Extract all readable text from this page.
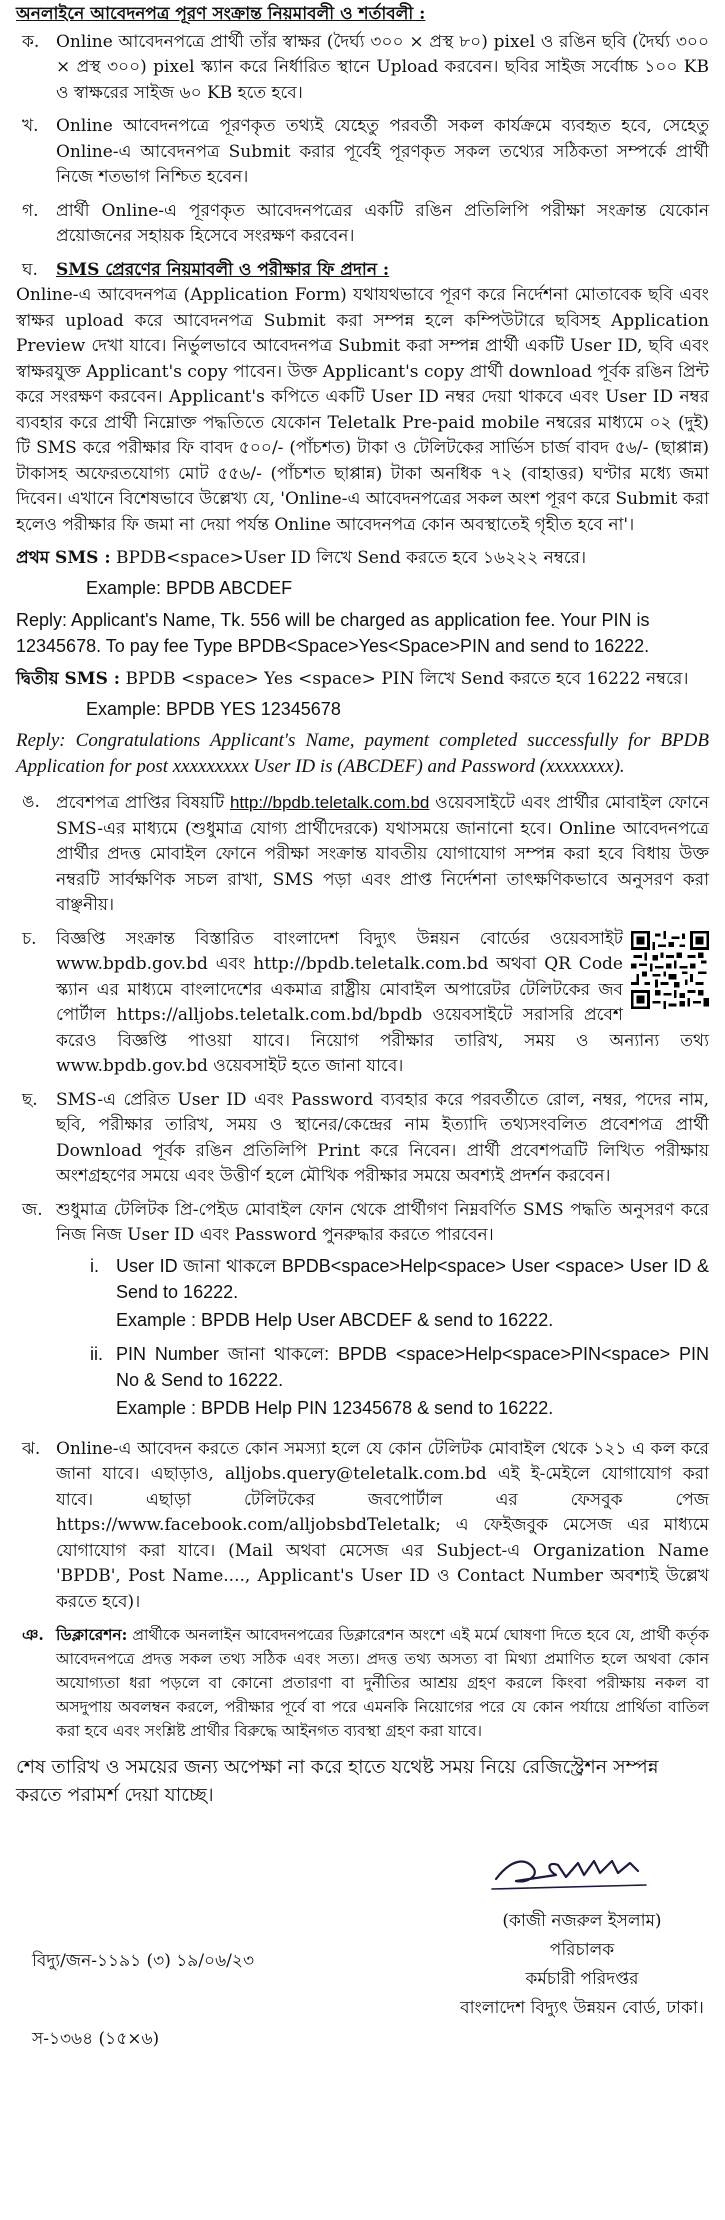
অনলাইনে আবেদনপত্র পূরণ সংক্রান্ত নিয়মাবলী ও শর্তাবলী :
ক. Online আবেদনপত্রে প্রার্থী তাঁর স্বাক্ষর (দৈর্ঘ্য ৩০০ × প্রস্থ ৮০) pixel ও রঙিন ছবি (দৈর্ঘ্য ৩০০ × প্রস্থ ৩০০) pixel স্ক্যান করে নির্ধারিত স্থানে Upload করবেন। ছবির সাইজ সর্বোচ্চ ১০০ KB ও স্বাক্ষরের সাইজ ৬০ KB হতে হবে।
খ.	Online আবেদনপত্রে পূরণকৃত তথ্যই যেহেতু পরবর্তী সকল কার্যক্রমে ব্যবহৃত হবে, সেহেতু Online-এ আবেদনপত্র Submit করার পূর্বেই পূরণকৃত সকল তথ্যের সঠিকতা সম্পর্কে প্রার্থী নিজে শতভাগ নিশ্চিত হবেন।
গ.	প্রার্থী Online-এ পূরণকৃত আবেদনপত্রের একটি রঙিন প্রতিলিপি পরীক্ষা সংক্রান্ত যেকোন প্রয়োজনের সহায়ক হিসেবে সংরক্ষণ করবেন।
ঘ.	SMS প্রেরণের নিয়মাবলী ও পরীক্ষার ফি প্রদান :
Online-এ আবেদনপত্র (Application Form) যথাযথভাবে পূরণ করে নির্দেশনা মোতাবেক ছবি এবং স্বাক্ষর upload করে আবেদনপত্র Submit করা সম্পন্ন হলে কম্পিউটারে ছবিসহ Application Preview দেখা যাবে। নির্ভুলভাবে আবেদনপত্র Submit করা সম্পন্ন প্রার্থী একটি User ID, ছবি এবং স্বাক্ষরযুক্ত Applicant's copy পাবেন। উক্ত Applicant's copy প্রার্থী download পূর্বক রঙিন প্রিন্ট করে সংরক্ষণ করবেন। Applicant's কপিতে একটি User ID নম্বর দেয়া থাকবে এবং User ID নম্বর ব্যবহার করে প্রার্থী নিম্নোক্ত পদ্ধতিতে যেকোন Teletalk Pre-paid mobile নম্বরের মাধ্যমে ০২ (দুই) টি SMS করে পরীক্ষার ফি বাবদ ৫০০/- (পাঁচশত) টাকা ও টেলিটকের সার্ভিস চার্জ বাবদ ৫৬/- (ছাপ্পান্ন) টাকাসহ অফেরতযোগ্য মোট ৫৫৬/- (পাঁচশত ছাপ্পান্ন) টাকা অনধিক ৭২ (বাহাত্তর) ঘণ্টার মধ্যে জমা দিবেন। এখানে বিশেষভাবে উল্লেখ্য যে, 'Online-এ আবেদনপত্রের সকল অংশ পূরণ করে Submit করা হলেও পরীক্ষার ফি জমা না দেয়া পর্যন্ত Online আবেদনপত্র কোন অবস্থাতেই গৃহীত হবে না'।
প্রথম SMS : BPDB<space>User ID লিখে Send করতে হবে ১৬২২২ নম্বরে।
Example: BPDB ABCDEF
Reply: Applicant's Name, Tk. 556 will be charged as application fee. Your PIN is 12345678. To pay fee Type BPDB<Space>Yes<Space>PIN and send to 16222.
দ্বিতীয় SMS : BPDB <space> Yes <space> PIN লিখে Send করতে হবে 16222 নম্বরে।
Example: BPDB YES 12345678
Reply: Congratulations Applicant's Name, payment completed successfully for BPDB Application for post xxxxxxxxx User ID is (ABCDEF) and Password (xxxxxxxx).
ঙ. প্রবেশপত্র প্রাপ্তির বিষয়টি http://bpdb.teletalk.com.bd ওয়েবসাইটে এবং প্রার্থীর মোবাইল ফোনে SMS-এর মাধ্যমে (শুধুমাত্র যোগ্য প্রার্থীদেরকে) যথাসময়ে জানানো হবে। Online আবেদনপত্রে প্রার্থীর প্রদত্ত মোবাইল ফোনে পরীক্ষা সংক্রান্ত যাবতীয় যোগাযোগ সম্পন্ন করা হবে বিধায় উক্ত নম্বরটি সার্বক্ষণিক সচল রাখা, SMS পড়া এবং প্রাপ্ত নির্দেশনা তাৎক্ষণিকভাবে অনুসরণ করা বাঞ্ছনীয়।
চ.	বিজ্ঞপ্তি সংক্রান্ত বিস্তারিত বাংলাদেশ বিদ্যুৎ উন্নয়ন বোর্ডের ওয়েবসাইট www.bpdb.gov.bd এবং http://bpdb.teletalk.com.bd অথবা QR Code স্ক্যান এর মাধ্যমে বাংলাদেশের একমাত্র রাষ্ট্রীয় মোবাইল অপারেটর টেলিটকের জব পোর্টাল https://alljobs.teletalk.com.bd/bpdb ওয়েবসাইটে সরাসরি প্রবেশ করেও বিজ্ঞপ্তি পাওয়া যাবে। নিয়োগ পরীক্ষার তারিখ, সময় ও অন্যান্য তথ্য www.bpdb.gov.bd ওয়েবসাইট হতে জানা যাবে।
ছ.	SMS-এ প্রেরিত User ID এবং Password ব্যবহার করে পরবর্তীতে রোল, নম্বর, পদের নাম, ছবি, পরীক্ষার তারিখ, সময় ও স্থানের/কেন্দ্রের নাম ইত্যাদি তথ্যসংবলিত প্রবেশপত্র প্রার্থী Download পূর্বক রঙিন প্রতিলিপি Print করে নিবেন। প্রার্থী প্রবেশপত্রটি লিখিত পরীক্ষায় অংশগ্রহণের সময়ে এবং উত্তীর্ণ হলে মৌখিক পরীক্ষার সময়ে অবশ্যই প্রদর্শন করবেন।
জ. শুধুমাত্র টেলিটক প্রি-পেইড মোবাইল ফোন থেকে প্রার্থীগণ নিম্নবর্ণিত SMS পদ্ধতি অনুসরণ করে নিজ নিজ User ID এবং Password পুনরুদ্ধার করতে পারবেন।
i. User ID জানা থাকলে BPDB<space>Help<space> User <space> User ID & Send to 16222.
Example : BPDB Help User ABCDEF & send to 16222.
ii. PIN Number জানা থাকলে: BPDB <space>Help<space>PIN<space> PIN No & Send to 16222.
Example : BPDB Help PIN 12345678 & send to 16222.
ঝ. Online-এ আবেদন করতে কোন সমস্যা হলে যে কোন টেলিটক মোবাইল থেকে ১২১ এ কল করে জানা যাবে। এছাড়াও, alljobs.query@teletalk.com.bd এই ই-মেইলে যোগাযোগ করা যাবে। এছাড়া টেলিটকের জবপোর্টাল এর ফেসবুক পেজ https://www.facebook.com/alljobsbdTeletalk; এ ফেইজবুক মেসেজ এর মাধ্যমে যোগাযোগ করা যাবে। (Mail অথবা মেসেজ এর Subject-এ Organization Name 'BPDB', Post Name...., Applicant's User ID ও Contact Number অবশ্যই উল্লেখ করতে হবে)।
ঞ. ডিক্লারেশন: প্রার্থীকে অনলাইন আবেদনপত্রের ডিক্লারেশন অংশে এই মর্মে ঘোষণা দিতে হবে যে, প্রার্থী কর্তৃক আবেদনপত্রে প্রদত্ত সকল তথ্য সঠিক এবং সত্য। প্রদত্ত তথ্য অসত্য বা মিথ্যা প্রমাণিত হলে অথবা কোন অযোগ্যতা ধরা পড়লে বা কোনো প্রতারণা বা দুর্নীতির আশ্রয় গ্রহণ করলে কিংবা পরীক্ষায় নকল বা অসদুপায় অবলম্বন করলে, পরীক্ষার পূর্বে বা পরে এমনকি নিয়োগের পরে যে কোন পর্যায়ে প্রার্থিতা বাতিল করা হবে এবং সংশ্লিষ্ট প্রার্থীর বিরুদ্ধে আইনগত ব্যবস্থা গ্রহণ করা যাবে।
শেষ তারিখ ও সময়ের জন্য অপেক্ষা না করে হাতে যথেষ্ট সময় নিয়ে রেজিস্ট্রেশন সম্পন্ন করতে পরামর্শ দেয়া যাচ্ছে।
(কাজী নজরুল ইসলাম)
পরিচালক
কর্মচারী পরিদপ্তর
বাংলাদেশ বিদ্যুৎ উন্নয়ন বোর্ড, ঢাকা।
বিদ্যু/জন-১১৯১ (৩) ১৯/০৬/২৩
স-১৩৬৪ (১৫×৬)
